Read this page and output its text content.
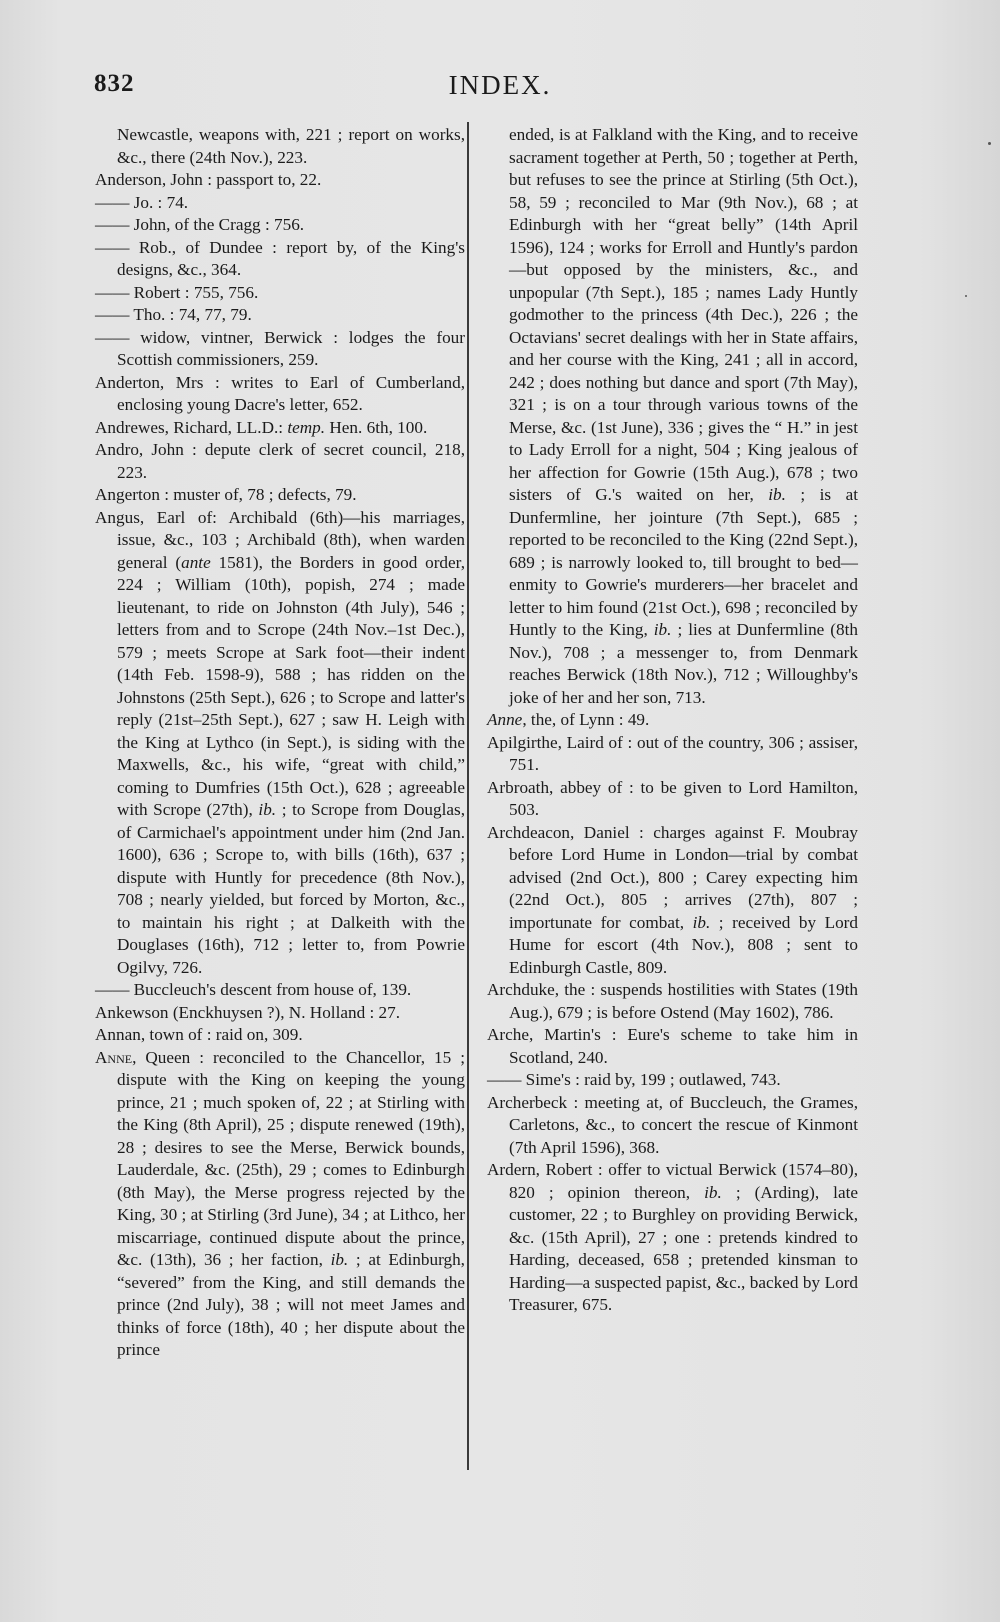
832	INDEX.

Newcastle, weapons with, 221 ; report on works, &c., there (24th Nov.), 223.

Anderson, John : passport to, 22.

—— Jo. : 74.

—— John, of the Cragg : 756.

—— Rob., of Dundee : report by, of the King's designs, &c., 364.

—— Robert : 755, 756.

—— Tho. : 74, 77, 79.

—— widow, vintner, Berwick : lodges the four Scottish commissioners, 259.

Anderton, Mrs : writes to Earl of Cumberland, enclosing young Dacre's letter, 652.

Andrewes, Richard, LL.D.: temp. Hen. 6th, 100.

Andro, John : depute clerk of secret council, 218, 223.

Angerton : muster of, 78 ; defects, 79.

Angus, Earl of: Archibald (6th)—his marriages, issue, &c., 103 ; Archibald (8th), when warden general (ante 1581), the Borders in good order, 224 ; William (10th), popish, 274 ; made lieutenant, to ride on Johnston (4th July), 546 ; letters from and to Scrope (24th Nov.–1st Dec.), 579 ; meets Scrope at Sark foot—their indent (14th Feb. 1598-9), 588 ; has ridden on the Johnstons (25th Sept.), 626 ; to Scrope and latter's reply (21st–25th Sept.), 627 ; saw H. Leigh with the King at Lythco (in Sept.), is siding with the Maxwells, &c., his wife, “great with child,” coming to Dumfries (15th Oct.), 628 ; agreeable with Scrope (27th), ib. ; to Scrope from Douglas, of Carmichael's appointment under him (2nd Jan. 1600), 636 ; Scrope to, with bills (16th), 637 ; dispute with Huntly for precedence (8th Nov.), 708 ; nearly yielded, but forced by Morton, &c., to maintain his right ; at Dalkeith with the Douglases (16th), 712 ; letter to, from Powrie Ogilvy, 726.

—— Buccleuch's descent from house of, 139.

Ankewson (Enckhuysen ?), N. Holland : 27.

Annan, town of : raid on, 309.

Anne, Queen : reconciled to the Chancellor, 15 ; dispute with the King on keeping the young prince, 21 ; much spoken of, 22 ; at Stirling with the King (8th April), 25 ; dispute renewed (19th), 28 ; desires to see the Merse, Berwick bounds, Lauderdale, &c. (25th), 29 ; comes to Edinburgh (8th May), the Merse progress rejected by the King, 30 ; at Stirling (3rd June), 34 ; at Lithco, her miscarriage, continued dispute about the prince, &c. (13th), 36 ; her faction, ib. ; at Edinburgh, “severed” from the King, and still demands the prince (2nd July), 38 ; will not meet James and thinks of force (18th), 40 ; her dispute about the prince

ended, is at Falkland with the King, and to receive sacrament together at Perth, 50 ; together at Perth, but refuses to see the prince at Stirling (5th Oct.), 58, 59 ; reconciled to Mar (9th Nov.), 68 ; at Edinburgh with her “great belly” (14th April 1596), 124 ; works for Erroll and Huntly's pardon—but opposed by the ministers, &c., and unpopular (7th Sept.), 185 ; names Lady Huntly godmother to the princess (4th Dec.), 226 ; the Octavians' secret dealings with her in State affairs, and her course with the King, 241 ; all in accord, 242 ; does nothing but dance and sport (7th May), 321 ; is on a tour through various towns of the Merse, &c. (1st June), 336 ; gives the “ H.” in jest to Lady Erroll for a night, 504 ; King jealous of her affection for Gowrie (15th Aug.), 678 ; two sisters of G.'s waited on her, ib. ; is at Dunfermline, her jointure (7th Sept.), 685 ; reported to be reconciled to the King (22nd Sept.), 689 ; is narrowly looked to, till brought to bed—enmity to Gowrie's murderers—her bracelet and letter to him found (21st Oct.), 698 ; reconciled by Huntly to the King, ib. ; lies at Dunfermline (8th Nov.), 708 ; a messenger to, from Denmark reaches Berwick (18th Nov.), 712 ; Willoughby's joke of her and her son, 713.

Anne, the, of Lynn : 49.

Apilgirthe, Laird of : out of the country, 306 ; assiser, 751.

Arbroath, abbey of : to be given to Lord Hamilton, 503.

Archdeacon, Daniel : charges against F. Moubray before Lord Hume in London—trial by combat advised (2nd Oct.), 800 ; Carey expecting him (22nd Oct.), 805 ; arrives (27th), 807 ; importunate for combat, ib. ; received by Lord Hume for escort (4th Nov.), 808 ; sent to Edinburgh Castle, 809.

Archduke, the : suspends hostilities with States (19th Aug.), 679 ; is before Ostend (May 1602), 786.

Arche, Martin's : Eure's scheme to take him in Scotland, 240.

—— Sime's : raid by, 199 ; outlawed, 743.

Archerbeck : meeting at, of Buccleuch, the Grames, Carletons, &c., to concert the rescue of Kinmont (7th April 1596), 368.

Ardern, Robert : offer to victual Berwick (1574–80), 820 ; opinion thereon, ib. ; (Arding), late customer, 22 ; to Burghley on providing Berwick, &c. (15th April), 27 ; one : pretends kindred to Harding, deceased, 658 ; pretended kinsman to Harding—a suspected papist, &c., backed by Lord Treasurer, 675.
